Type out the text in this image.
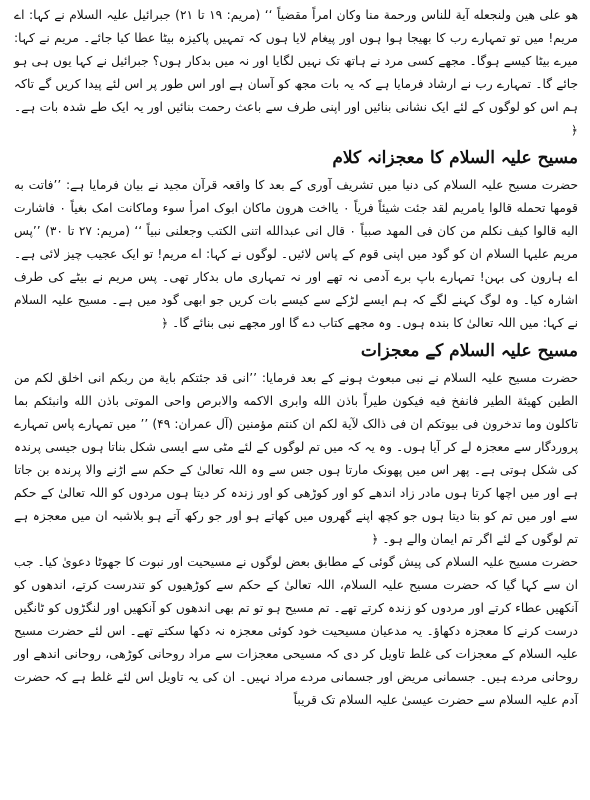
هو علی هین ولنجعله آیة للناس ورحمة منا وکان امراً مقضیاً ‘‘ (مریم: ۱۹ تا ۲۱) جبرائیل علیہ السلام نے کہا: اے مریم! میں تو تمہارے رب کا بھیجا ہوا ہوں اور پیغام لایا ہوں کہ تمہیں پاکیزہ بیٹا عطا کیا جائے۔ مریم نے کہا: میرے بیٹا کیسے ہوگا۔ مجھے کسی مرد نے ہاتھ تک نہیں لگایا اور نہ میں بدکار ہوں؟ جبرائیل نے کہا یوں ہی ہو جائے گا۔ تمہارے رب نے ارشاد فرمایا ہے کہ یہ بات مجھ کو آسان ہے اور اس طور پر اس لئے پیدا کریں گے تاکہ ہم اس کو لوگوں کے لئے ایک نشانی بنائیں اور اپنی طرف سے باعث رحمت بنائیں اور یہ ایک طے شدہ بات ہے۔ ﴿

مسیح علیہ السلام کا معجزانہ کلام

حضرت مسیح علیہ السلام کی دنیا میں تشریف آوری کے بعد کا واقعہ قرآن مجید نے بیان فرمایا ہے: ’’فاتت به قومها تحمله قالوا یامریم لقد جئت شیئاً فریاً ۰ یااخت هرون ماکان ابوک امرأ سوء وماکانت امک بغیاً ۰ فاشارت الیه قالوا کیف نکلم من کان فی المهد صبیاً ۰ قال انی عبدالله اتنی الکتب وجعلنی نبیاً ‘‘ (مریم: ۲۷ تا ۳۰) ’’پس مریم علیہا السلام ان کو گود میں اپنی قوم کے پاس لائیں۔ لوگوں نے کہا: اے مریم! تو ایک عجیب چیز لائی ہے۔ اے ہارون کی بہن! تمہارے باپ برے آدمی نہ تھے اور نہ تمہاری ماں بدکار تھی۔ پس مریم نے بیٹے کی طرف اشارہ کیا۔ وہ لوگ کہنے لگے کہ ہم ایسے لڑکے سے کیسے بات کریں جو ابھی گود میں ہے۔ مسیح علیہ السلام نے کہا: میں اللہ تعالیٰ کا بندہ ہوں۔ وہ مجھے کتاب دے گا اور مجھے نبی بنائے گا۔ ﴿

مسیح علیہ السلام کے معجزات

حضرت مسیح علیہ السلام نے نبی مبعوث ہونے کے بعد فرمایا: ’’انی قد جئتکم بایة من ربکم انی اخلق لکم من الطین کهیئة الطیر فانفخ فیه فیکون طیراً باذن الله وابری الاکمه والابرص واحی الموتی باذن الله وانبئکم بما تاکلون وما تدخرون فی بیوتکم ان فی ذالک لآیة لکم ان کنتم مؤمنین (آل عمران: ۴۹) ’’ میں تمہارے پاس تمہارے پروردگار سے معجزہ لے کر آیا ہوں۔ وہ یہ کہ میں تم لوگوں کے لئے مٹی سے ایسی شکل بناتا ہوں جیسی پرندہ کی شکل ہوتی ہے۔ پھر اس میں پھونک مارتا ہوں جس سے وہ اللہ تعالیٰ کے حکم سے اڑنے والا پرندہ بن جاتا ہے اور میں اچھا کرتا ہوں مادر زاد اندھے کو اور کوڑھی کو اور زندہ کر دیتا ہوں مردوں کو اللہ تعالیٰ کے حکم سے اور میں تم کو بتا دیتا ہوں جو کچھ اپنے گھروں میں کھاتے ہو اور جو رکھ آتے ہو بلاشبہ ان میں معجزہ ہے تم لوگوں کے لئے اگر تم ایمان والے ہو۔ ﴿

حضرت مسیح علیہ السلام کی پیش گوئی کے مطابق بعض لوگوں نے مسیحیت اور نبوت کا جھوٹا دعویٰ کیا۔ جب ان سے کہا گیا کہ حضرت مسیح علیہ السلام، اللہ تعالیٰ کے حکم سے کوڑھیوں کو تندرست کرتے، اندھوں کو آنکھیں عطاء کرتے اور مردوں کو زندہ کرتے تھے۔ تم مسیح ہو تو تم بھی اندھوں کو آنکھیں اور لنگڑوں کو ٹانگیں درست کرنے کا معجزہ دکھاؤ۔ یہ مدعیان مسیحیت خود کوئی معجزہ نہ دکھا سکتے تھے۔ اس لئے حضرت مسیح علیہ السلام کے معجزات کی غلط تاویل کر دی کہ مسیحی معجزات سے مراد روحانی کوڑھی، روحانی اندھے اور روحانی مردے ہیں۔ جسمانی مریض اور جسمانی مردے مراد نہیں۔ ان کی یہ تاویل اس لئے غلط ہے کہ حضرت آدم علیہ السلام سے حضرت عیسیٰ علیہ السلام تک قریباً
